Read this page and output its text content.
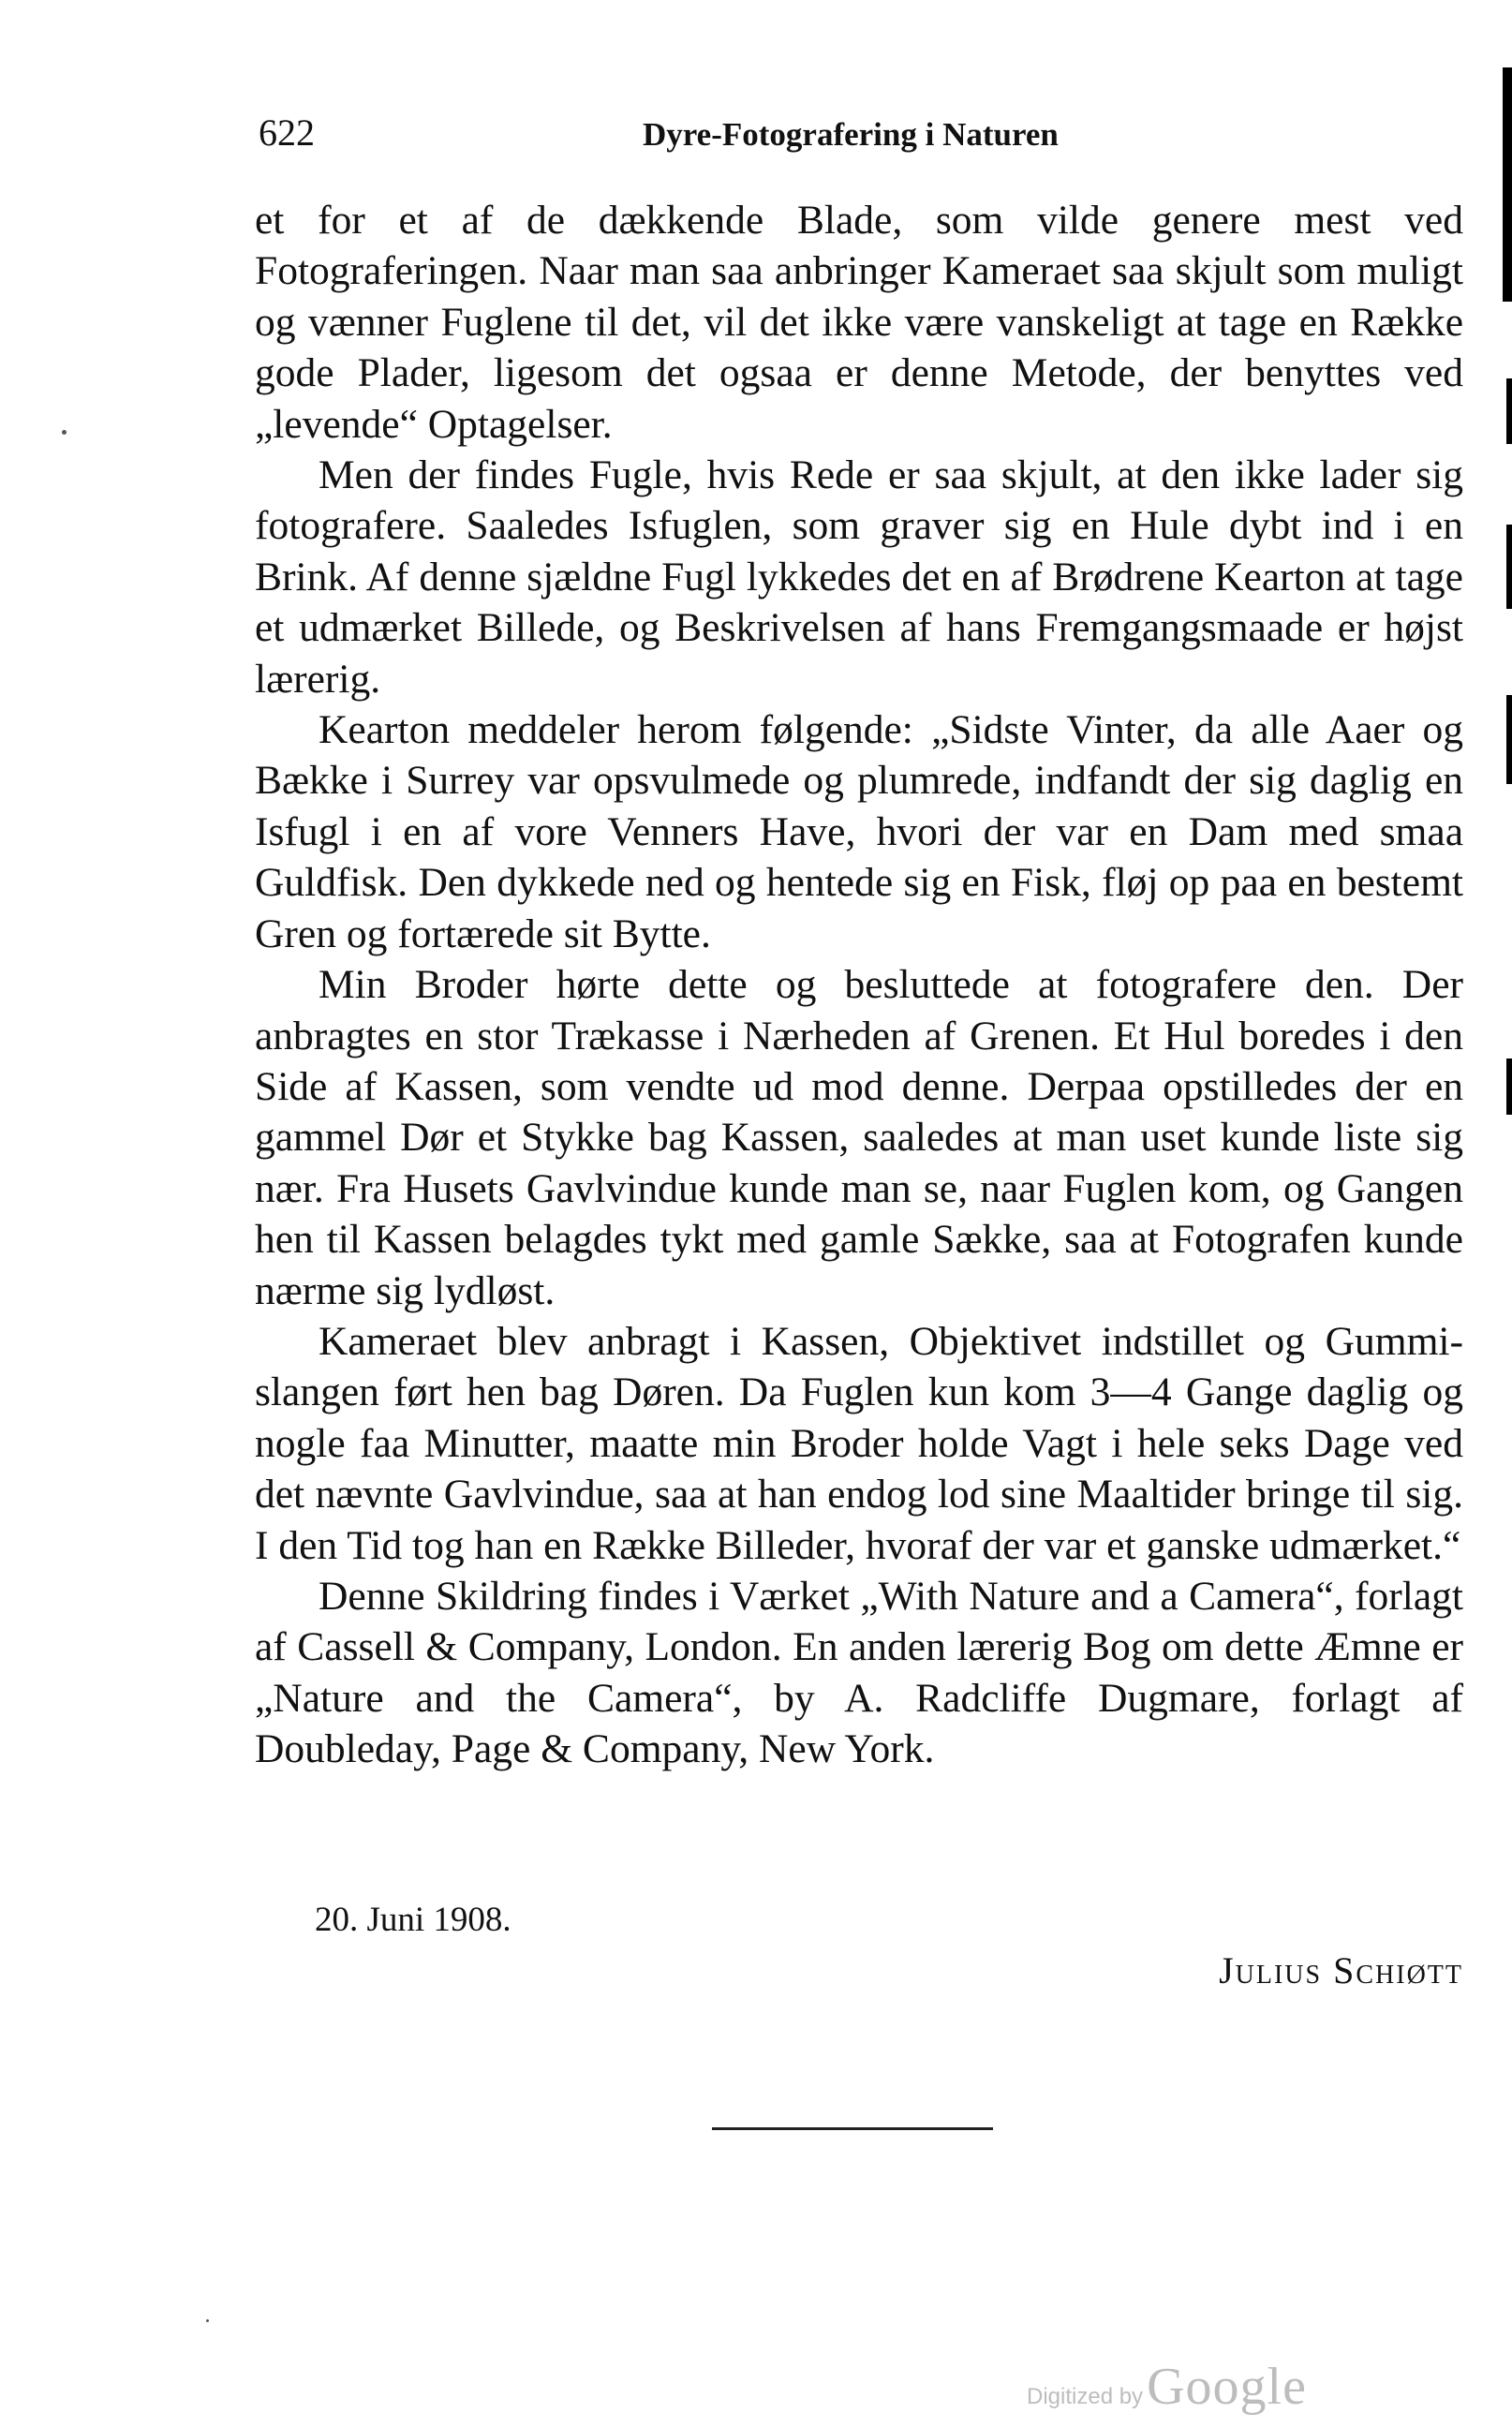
622	Dyre-Fotografering i Naturen

et for et af de dækkende Blade, som vilde genere mest ved Fotograferingen. Naar man saa anbringer Kameraet saa skjult som muligt og vænner Fuglene til det, vil det ikke være vanskeligt at tage en Række gode Plader, ligesom det ogsaa er denne Metode, der benyttes ved „levende“ Optagelser.

Men der findes Fugle, hvis Rede er saa skjult, at den ikke lader sig fotografere. Saaledes Isfuglen, som graver sig en Hule dybt ind i en Brink. Af denne sjældne Fugl lykkedes det en af Brødrene Kearton at tage et udmærket Billede, og Beskrivelsen af hans Fremgangsmaade er højst lærerig.

Kearton meddeler herom følgende: „Sidste Vinter, da alle Aaer og Bække i Surrey var opsvulmede og plumrede, indfandt der sig daglig en Isfugl i en af vore Venners Have, hvori der var en Dam med smaa Guldfisk. Den dykkede ned og hentede sig en Fisk, fløj op paa en bestemt Gren og fortærede sit Bytte.

Min Broder hørte dette og besluttede at fotografere den. Der anbragtes en stor Trækasse i Nærheden af Grenen. Et Hul boredes i den Side af Kassen, som vendte ud mod denne. Derpaa opstilledes der en gammel Dør et Stykke bag Kassen, saaledes at man uset kunde liste sig nær. Fra Husets Gavlvindue kunde man se, naar Fuglen kom, og Gangen hen til Kassen belagdes tykt med gamle Sække, saa at Fotografen kunde nærme sig lydløst.

Kameraet blev anbragt i Kassen, Objektivet indstillet og Gummislangen ført hen bag Døren. Da Fuglen kun kom 3—4 Gange daglig og nogle faa Minutter, maatte min Broder holde Vagt i hele seks Dage ved det nævnte Gavlvindue, saa at han endog lod sine Maaltider bringe til sig. I den Tid tog han en Række Billeder, hvoraf der var et ganske udmærket.“

Denne Skildring findes i Værket „With Nature and a Camera“, forlagt af Cassell & Company, London. En anden lærerig Bog om dette Æmne er „Nature and the Camera“, by A. Radcliffe Dugmare, forlagt af Doubleday, Page & Company, New York.

20. Juni 1908.
Julius Schiøtt
Digitized by Google
